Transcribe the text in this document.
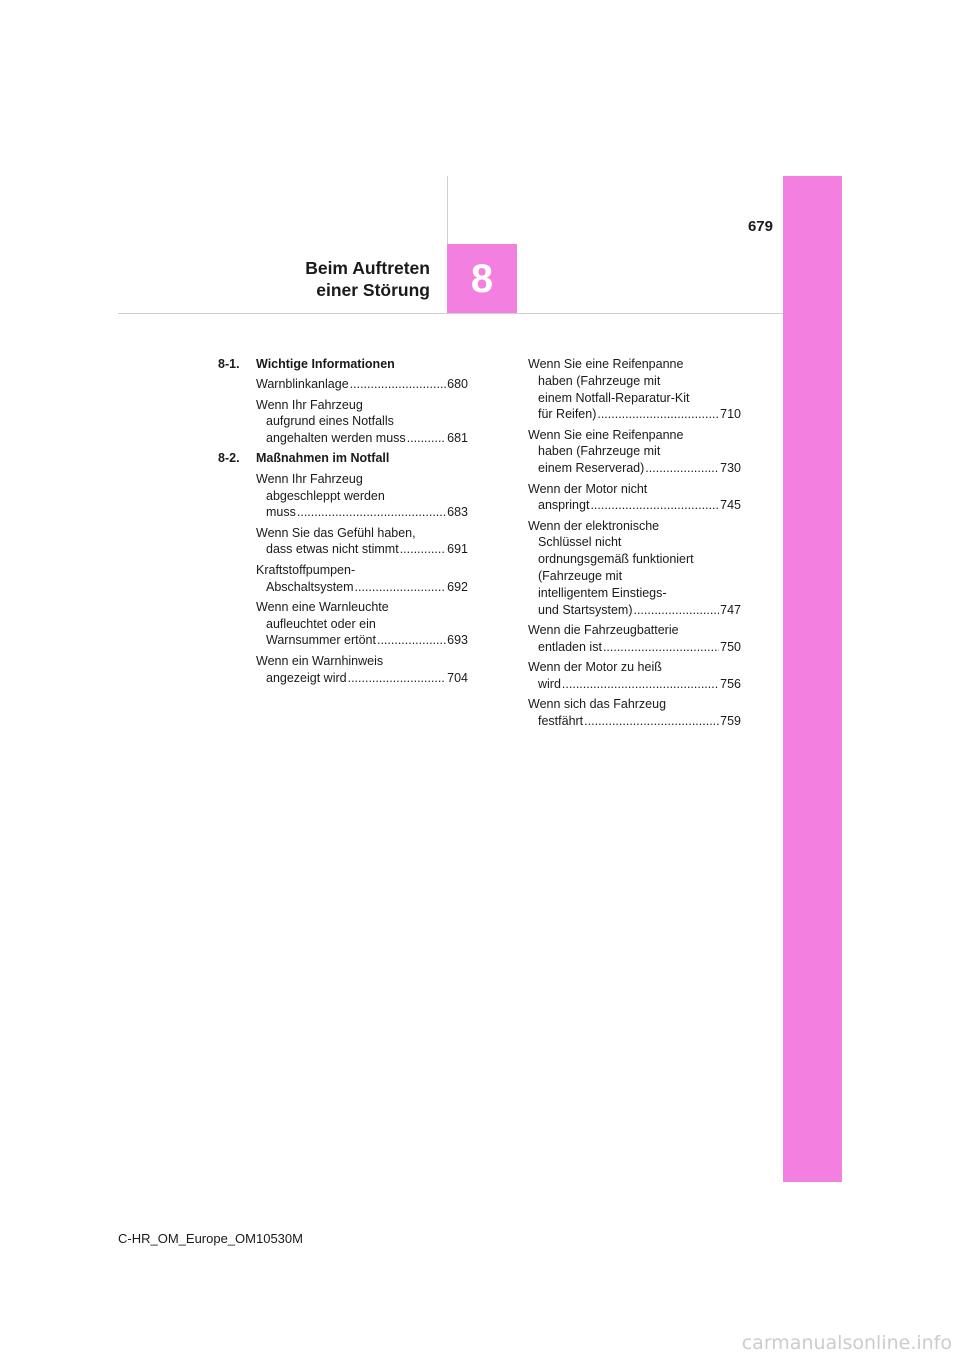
8
679
Beim Auftreten
einer Störung
8-1.	Wichtige Informationen
Warnblinkanlage .....	680
Wenn Ihr Fahrzeug
aufgrund eines Notfalls
angehalten werden muss .....	681
8-2.	Maßnahmen im Notfall
Wenn Ihr Fahrzeug
abgeschleppt werden
muss .....	683
Wenn Sie das Gefühl haben,
dass etwas nicht stimmt .....	691
Kraftstoffpumpen-
Abschaltsystem .....	692
Wenn eine Warnleuchte
aufleuchtet oder ein
Warnsummer ertönt .....	693
Wenn ein Warnhinweis
angezeigt wird .....	704
Wenn Sie eine Reifenpanne
haben (Fahrzeuge mit
einem Notfall-Reparatur-Kit
für Reifen) .....	710
Wenn Sie eine Reifenpanne
haben (Fahrzeuge mit
einem Reserverad) .....	730
Wenn der Motor nicht
anspringt .....	745
Wenn der elektronische
Schlüssel nicht
ordnungsgemäß funktioniert
(Fahrzeuge mit
intelligentem Einstiegs-
und Startsystem) .....	747
Wenn die Fahrzeugbatterie
entladen ist .....	750
Wenn der Motor zu heiß
wird .....	756
Wenn sich das Fahrzeug
festfährt .....	759
C-HR_OM_Europe_OM10530M
carmanualsonline.info
